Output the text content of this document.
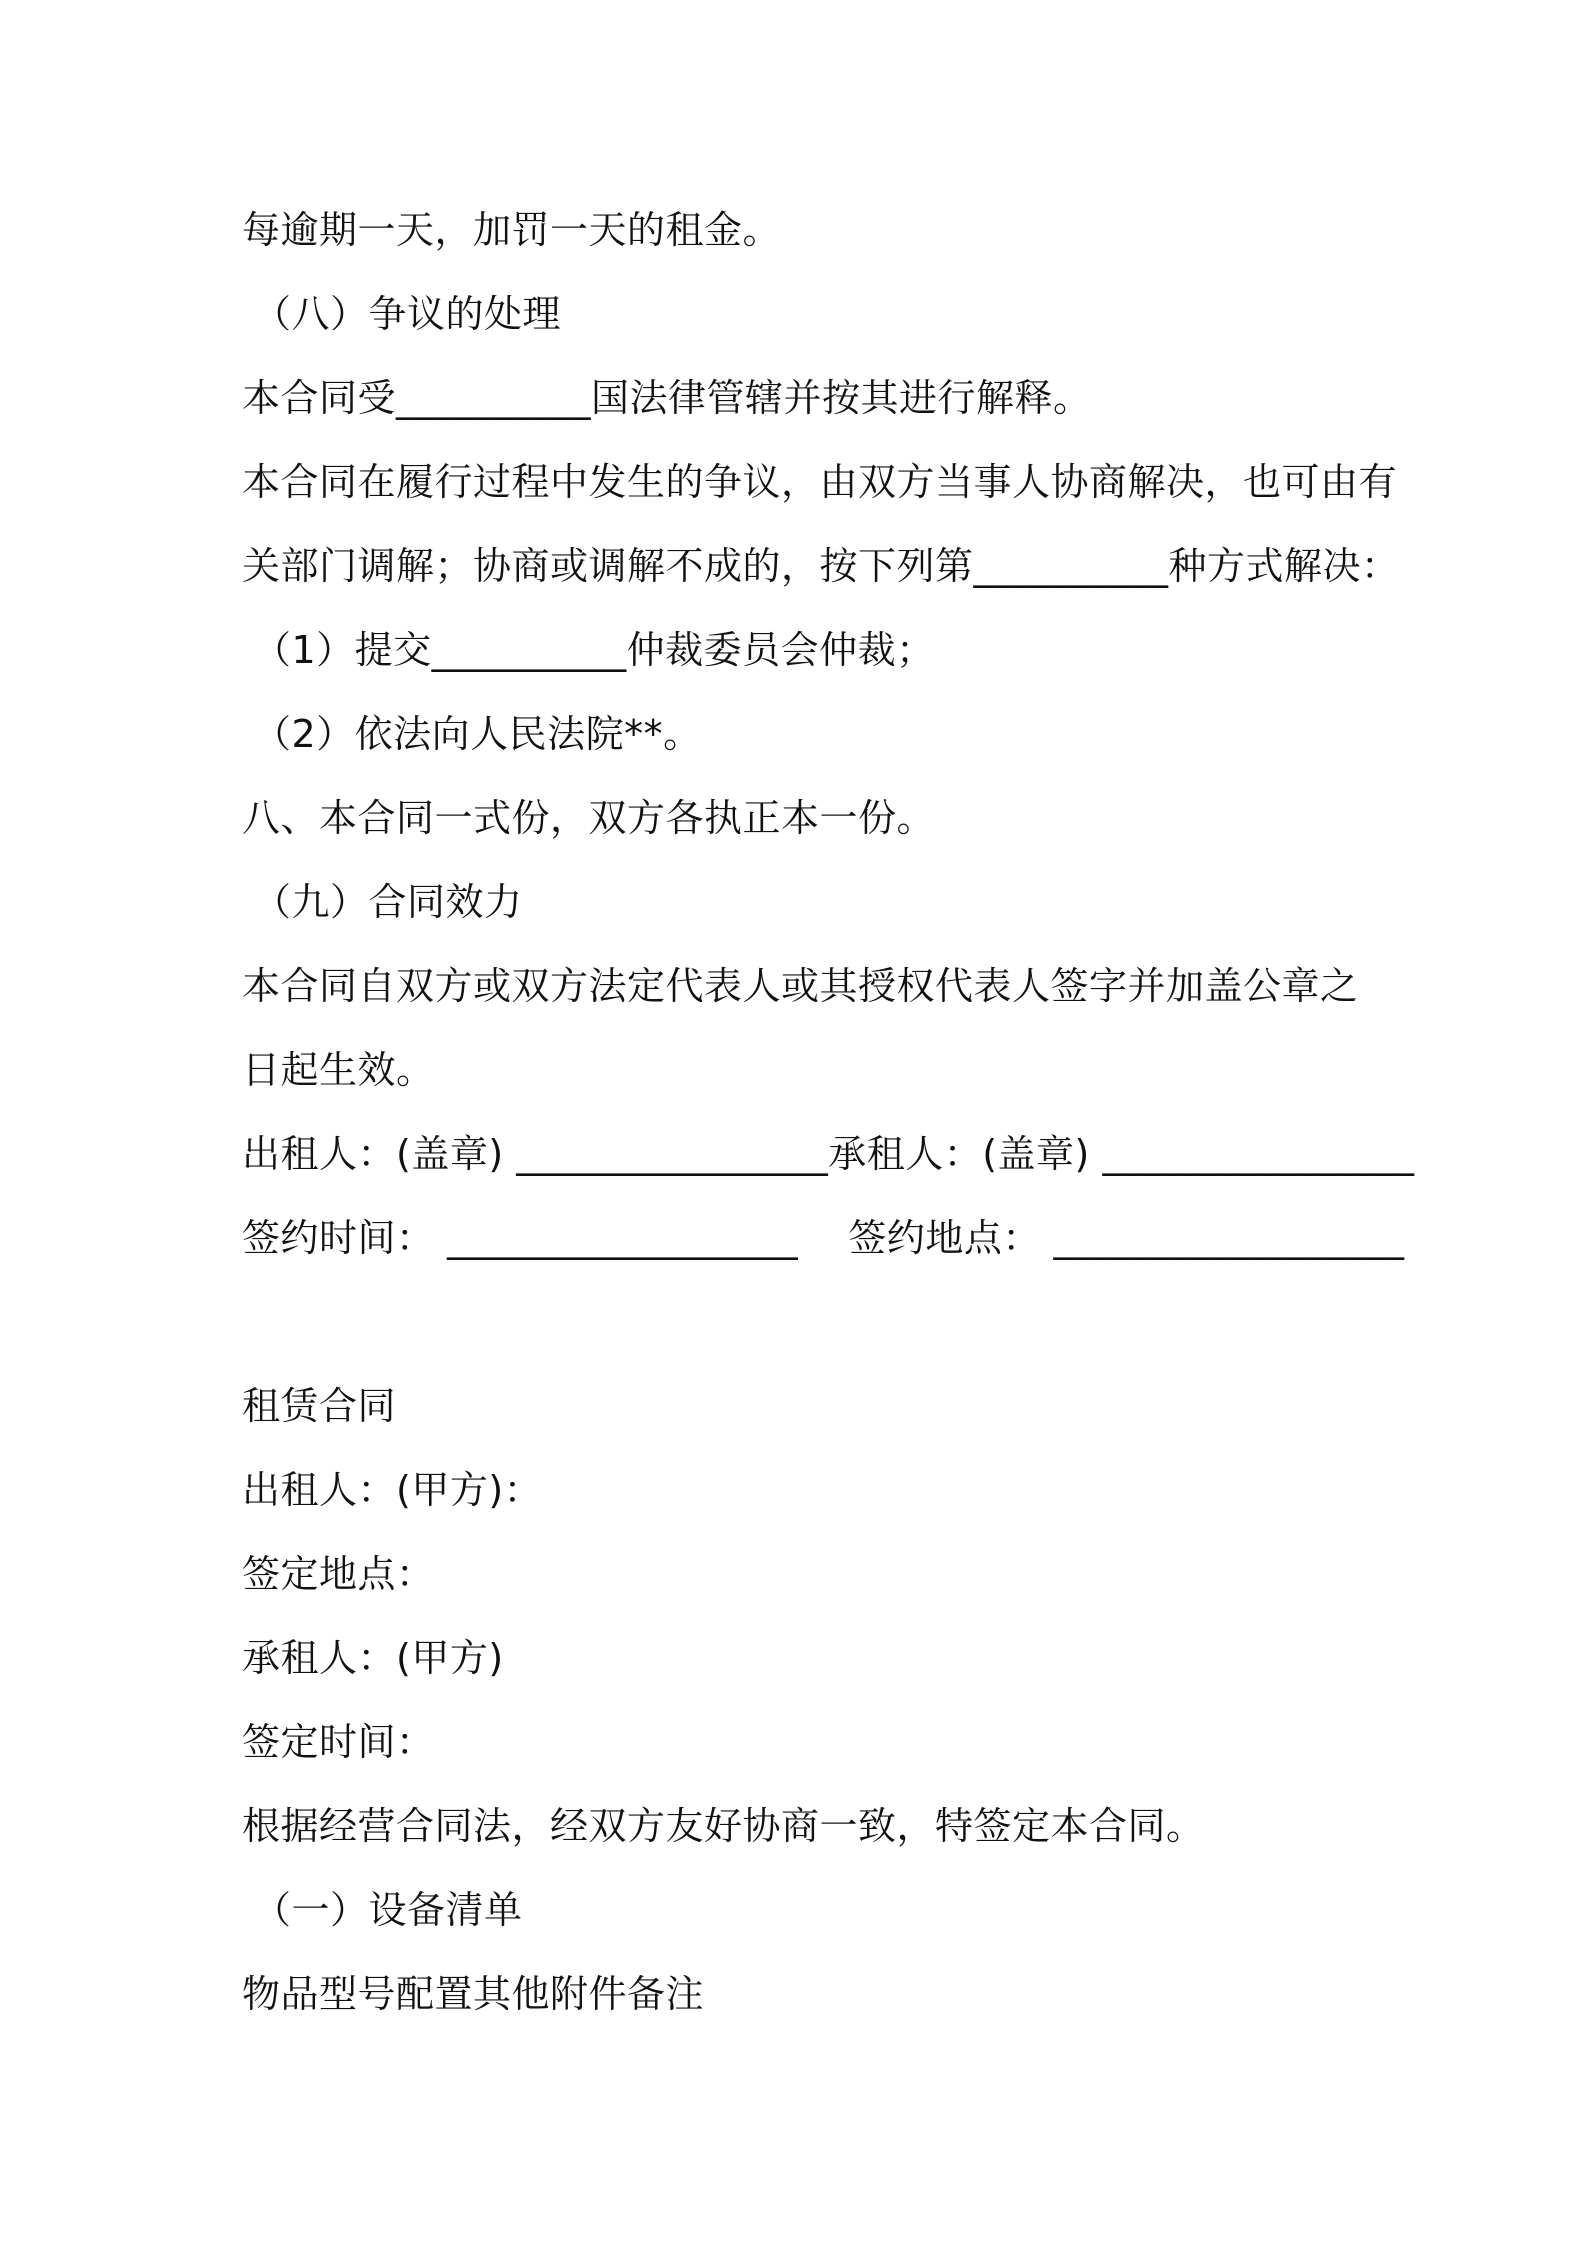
每逾期一天，加罚一天的租金。
（八）争议的处理
本合同受__________国法律管辖并按其进行解释。
本合同在履行过程中发生的争议，由双方当事人协商解决，也可由有
关部门调解；协商或调解不成的，按下列第__________种方式解决：
（1）提交__________仲裁委员会仲裁；
（2）依法向人民法院**。
八、本合同一式份，双方各执正本一份。
（九）合同效力
本合同自双方或双方法定代表人或其授权代表人签字并加盖公章之
日起生效。
出租人：(盖章) ________________承租人：(盖章) ________________
签约时间： __________________    签约地点： __________________
租赁合同
出租人：(甲方)：
签定地点：
承租人：(甲方)
签定时间：
根据经营合同法，经双方友好协商一致，特签定本合同。
（一）设备清单
物品型号配置其他附件备注
